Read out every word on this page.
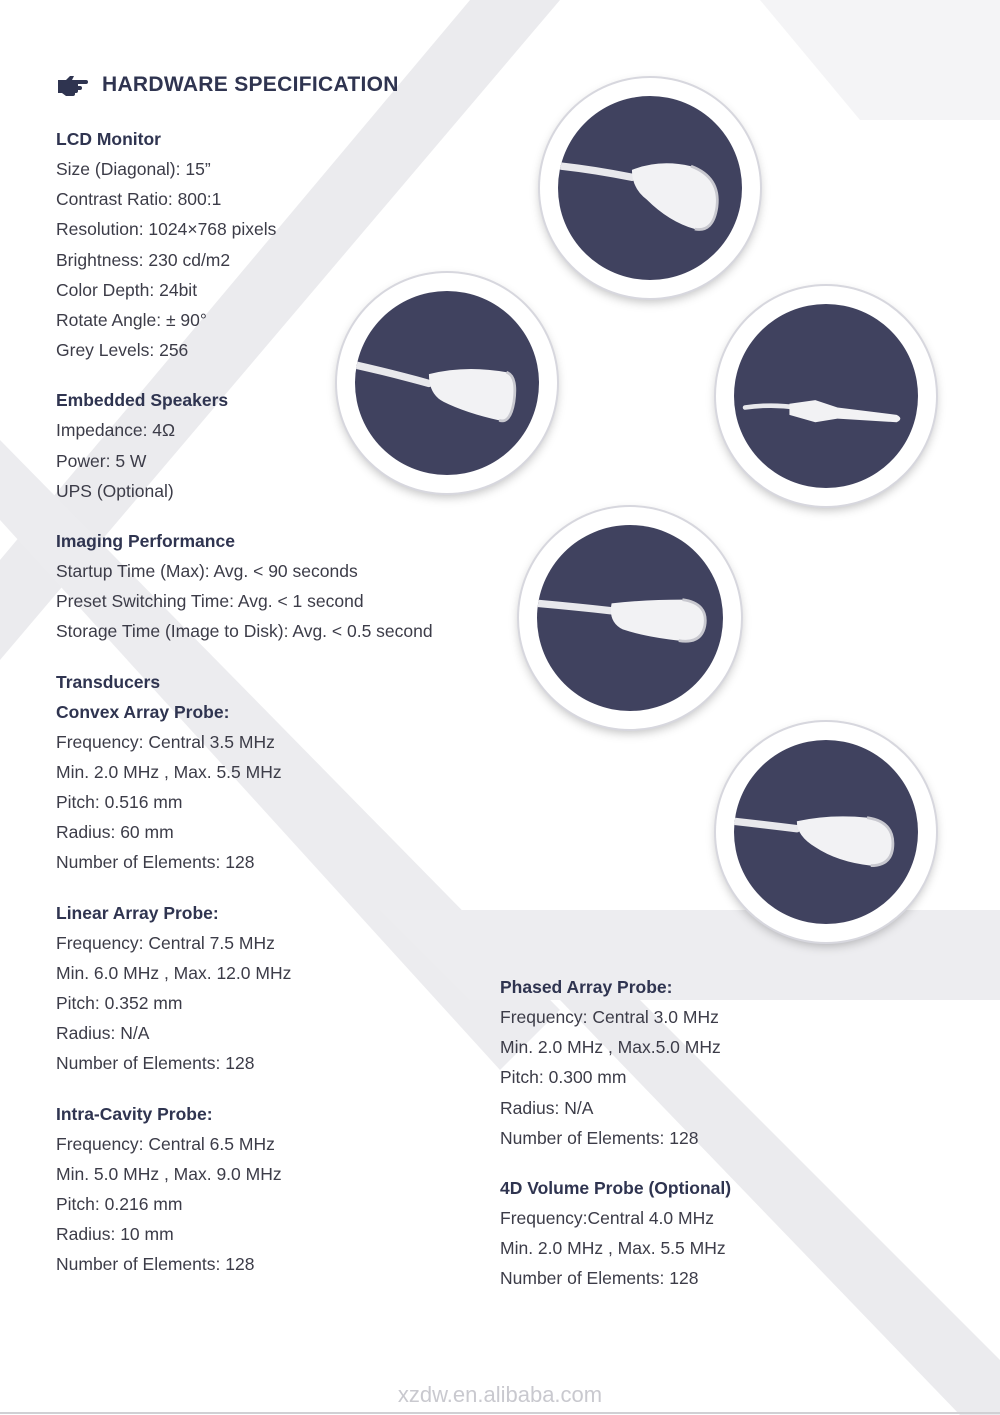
HARDWARE SPECIFICATION
LCD Monitor
Size (Diagonal): 15”
Contrast Ratio: 800:1
Resolution: 1024×768 pixels
Brightness: 230 cd/m2
Color Depth: 24bit
Rotate Angle: ± 90°
Grey Levels: 256
Embedded Speakers
Impedance: 4Ω
Power: 5 W
UPS (Optional)
Imaging Performance
Startup Time (Max): Avg. < 90 seconds
Preset Switching Time: Avg. < 1 second
Storage Time (Image to Disk): Avg. < 0.5 second
Transducers
Convex Array Probe:
Frequency: Central 3.5 MHz
Min. 2.0 MHz , Max. 5.5 MHz
Pitch: 0.516 mm
Radius: 60 mm
Number of Elements: 128
Linear Array Probe:
Frequency: Central 7.5 MHz
Min. 6.0 MHz , Max. 12.0 MHz
Pitch: 0.352 mm
Radius: N/A
Number of Elements: 128
Intra-Cavity Probe:
Frequency: Central 6.5 MHz
Min. 5.0 MHz , Max. 9.0 MHz
Pitch: 0.216 mm
Radius: 10 mm
Number of Elements: 128
Phased Array Probe:
Frequency: Central 3.0 MHz
Min. 2.0 MHz , Max.5.0 MHz
Pitch: 0.300 mm
Radius: N/A
Number of Elements: 128
4D Volume Probe (Optional)
Frequency:Central 4.0 MHz
Min. 2.0 MHz , Max. 5.5 MHz
Number of Elements: 128
xzdw.en.alibaba.com
